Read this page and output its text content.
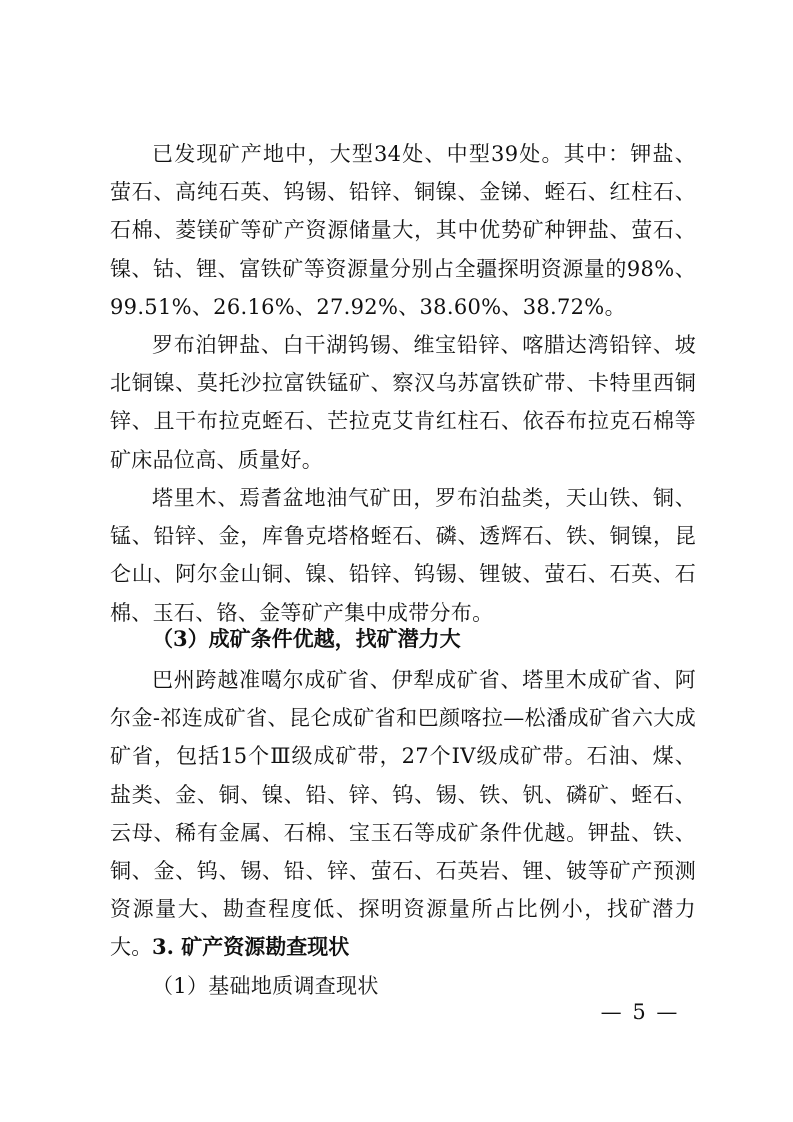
已发现矿产地中，大型34处、中型39处。其中：钾盐、萤石、高纯石英、钨锡、铅锌、铜镍、金锑、蛭石、红柱石、石棉、菱镁矿等矿产资源储量大，其中优势矿种钾盐、萤石、镍、钴、锂、富铁矿等资源量分别占全疆探明资源量的98%、99.51%、26.16%、27.92%、38.60%、38.72%。

罗布泊钾盐、白干湖钨锡、维宝铅锌、喀腊达湾铅锌、坡北铜镍、莫托沙拉富铁锰矿、察汉乌苏富铁矿带、卡特里西铜锌、且干布拉克蛭石、芒拉克艾肯红柱石、依吞布拉克石棉等矿床品位高、质量好。

塔里木、焉耆盆地油气矿田，罗布泊盐类，天山铁、铜、锰、铅锌、金，库鲁克塔格蛭石、磷、透辉石、铁、铜镍，昆仑山、阿尔金山铜、镍、铅锌、钨锡、锂铍、萤石、石英、石棉、玉石、铬、金等矿产集中成带分布。

（3）成矿条件优越，找矿潜力大

巴州跨越准噶尔成矿省、伊犁成矿省、塔里木成矿省、阿尔金-祁连成矿省、昆仑成矿省和巴颜喀拉—松潘成矿省六大成矿省，包括15个Ⅲ级成矿带，27个IV级成矿带。石油、煤、盐类、金、铜、镍、铅、锌、钨、锡、铁、钒、磷矿、蛭石、云母、稀有金属、石棉、宝玉石等成矿条件优越。钾盐、铁、铜、金、钨、锡、铅、锌、萤石、石英岩、锂、铍等矿产预测资源量大、勘查程度低、探明资源量所占比例小，找矿潜力大。 3. 矿产资源勘查现状

（1）基础地质调查现状

— 5 —
